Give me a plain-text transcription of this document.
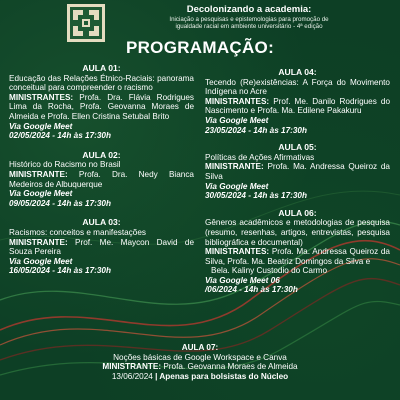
Decolonizando a academia:
Iniciação a pesquisas e epistemologias para promoção de
igualdade racial em ambiente universitário - 4ª edição
PROGRAMAÇÃO:
AULA 01:
Educação das Relações Étnico-Raciais: panorama conceitual para compreender o racismo
MINISTRANTES: Profa. Dra. Flávia Rodrigues Lima da Rocha, Profa. Geovanna Moraes de Almeida e Profa. Ellen Cristina Setubal Brito
Via Google Meet
02/05/2024 - 14h às 17:30h
AULA 02:
Histórico do Racismo no Brasil
MINISTRANTE: Profa. Dra. Nedy Bianca Medeiros de Albuquerque
Via Google Meet
09/05/2024 - 14h às 17:30h
AULA 03:
Racismos: conceitos e manifestações
MINISTRANTE: Prof. Me. Maycon David de Souza Pereira
Via Google Meet
16/05/2024 - 14h às 17:30h
AULA 04:
Tecendo (Re)existências: A Força do Movimento Indígena no Acre
MINISTRANTES: Prof. Me. Danilo Rodrigues do Nascimento e Profa. Ma. Edilene Pakakuru
Via Google Meet
23/05/2024 - 14h às 17:30h
AULA 05:
Políticas de Ações Afirmativas
MINISTRANTE: Profa. Ma. Andressa Queiroz da Silva
Via Google Meet
30/05/2024 - 14h às 17:30h
AULA 06:
Gêneros acadêmicos e metodologias de pesquisa (resumo, resenhas, artigos, entrevistas, pesquisa bibliográfica e documental)
MINISTRANTES: Profa. Ma. Andressa Queiroz da Silva, Profa. Ma. Beatriz Domingos da Silva e
Bela. Kaliny Custodio do Carmo
Via Google Meet 06
/06/2024 - 14h às 17:30h
AULA 07:
Noções básicas de Google Workspace e Canva
MINISTRANTE: Profa. Geovanna Moraes de Almeida
13/06/2024 | Apenas para bolsistas do Núcleo
